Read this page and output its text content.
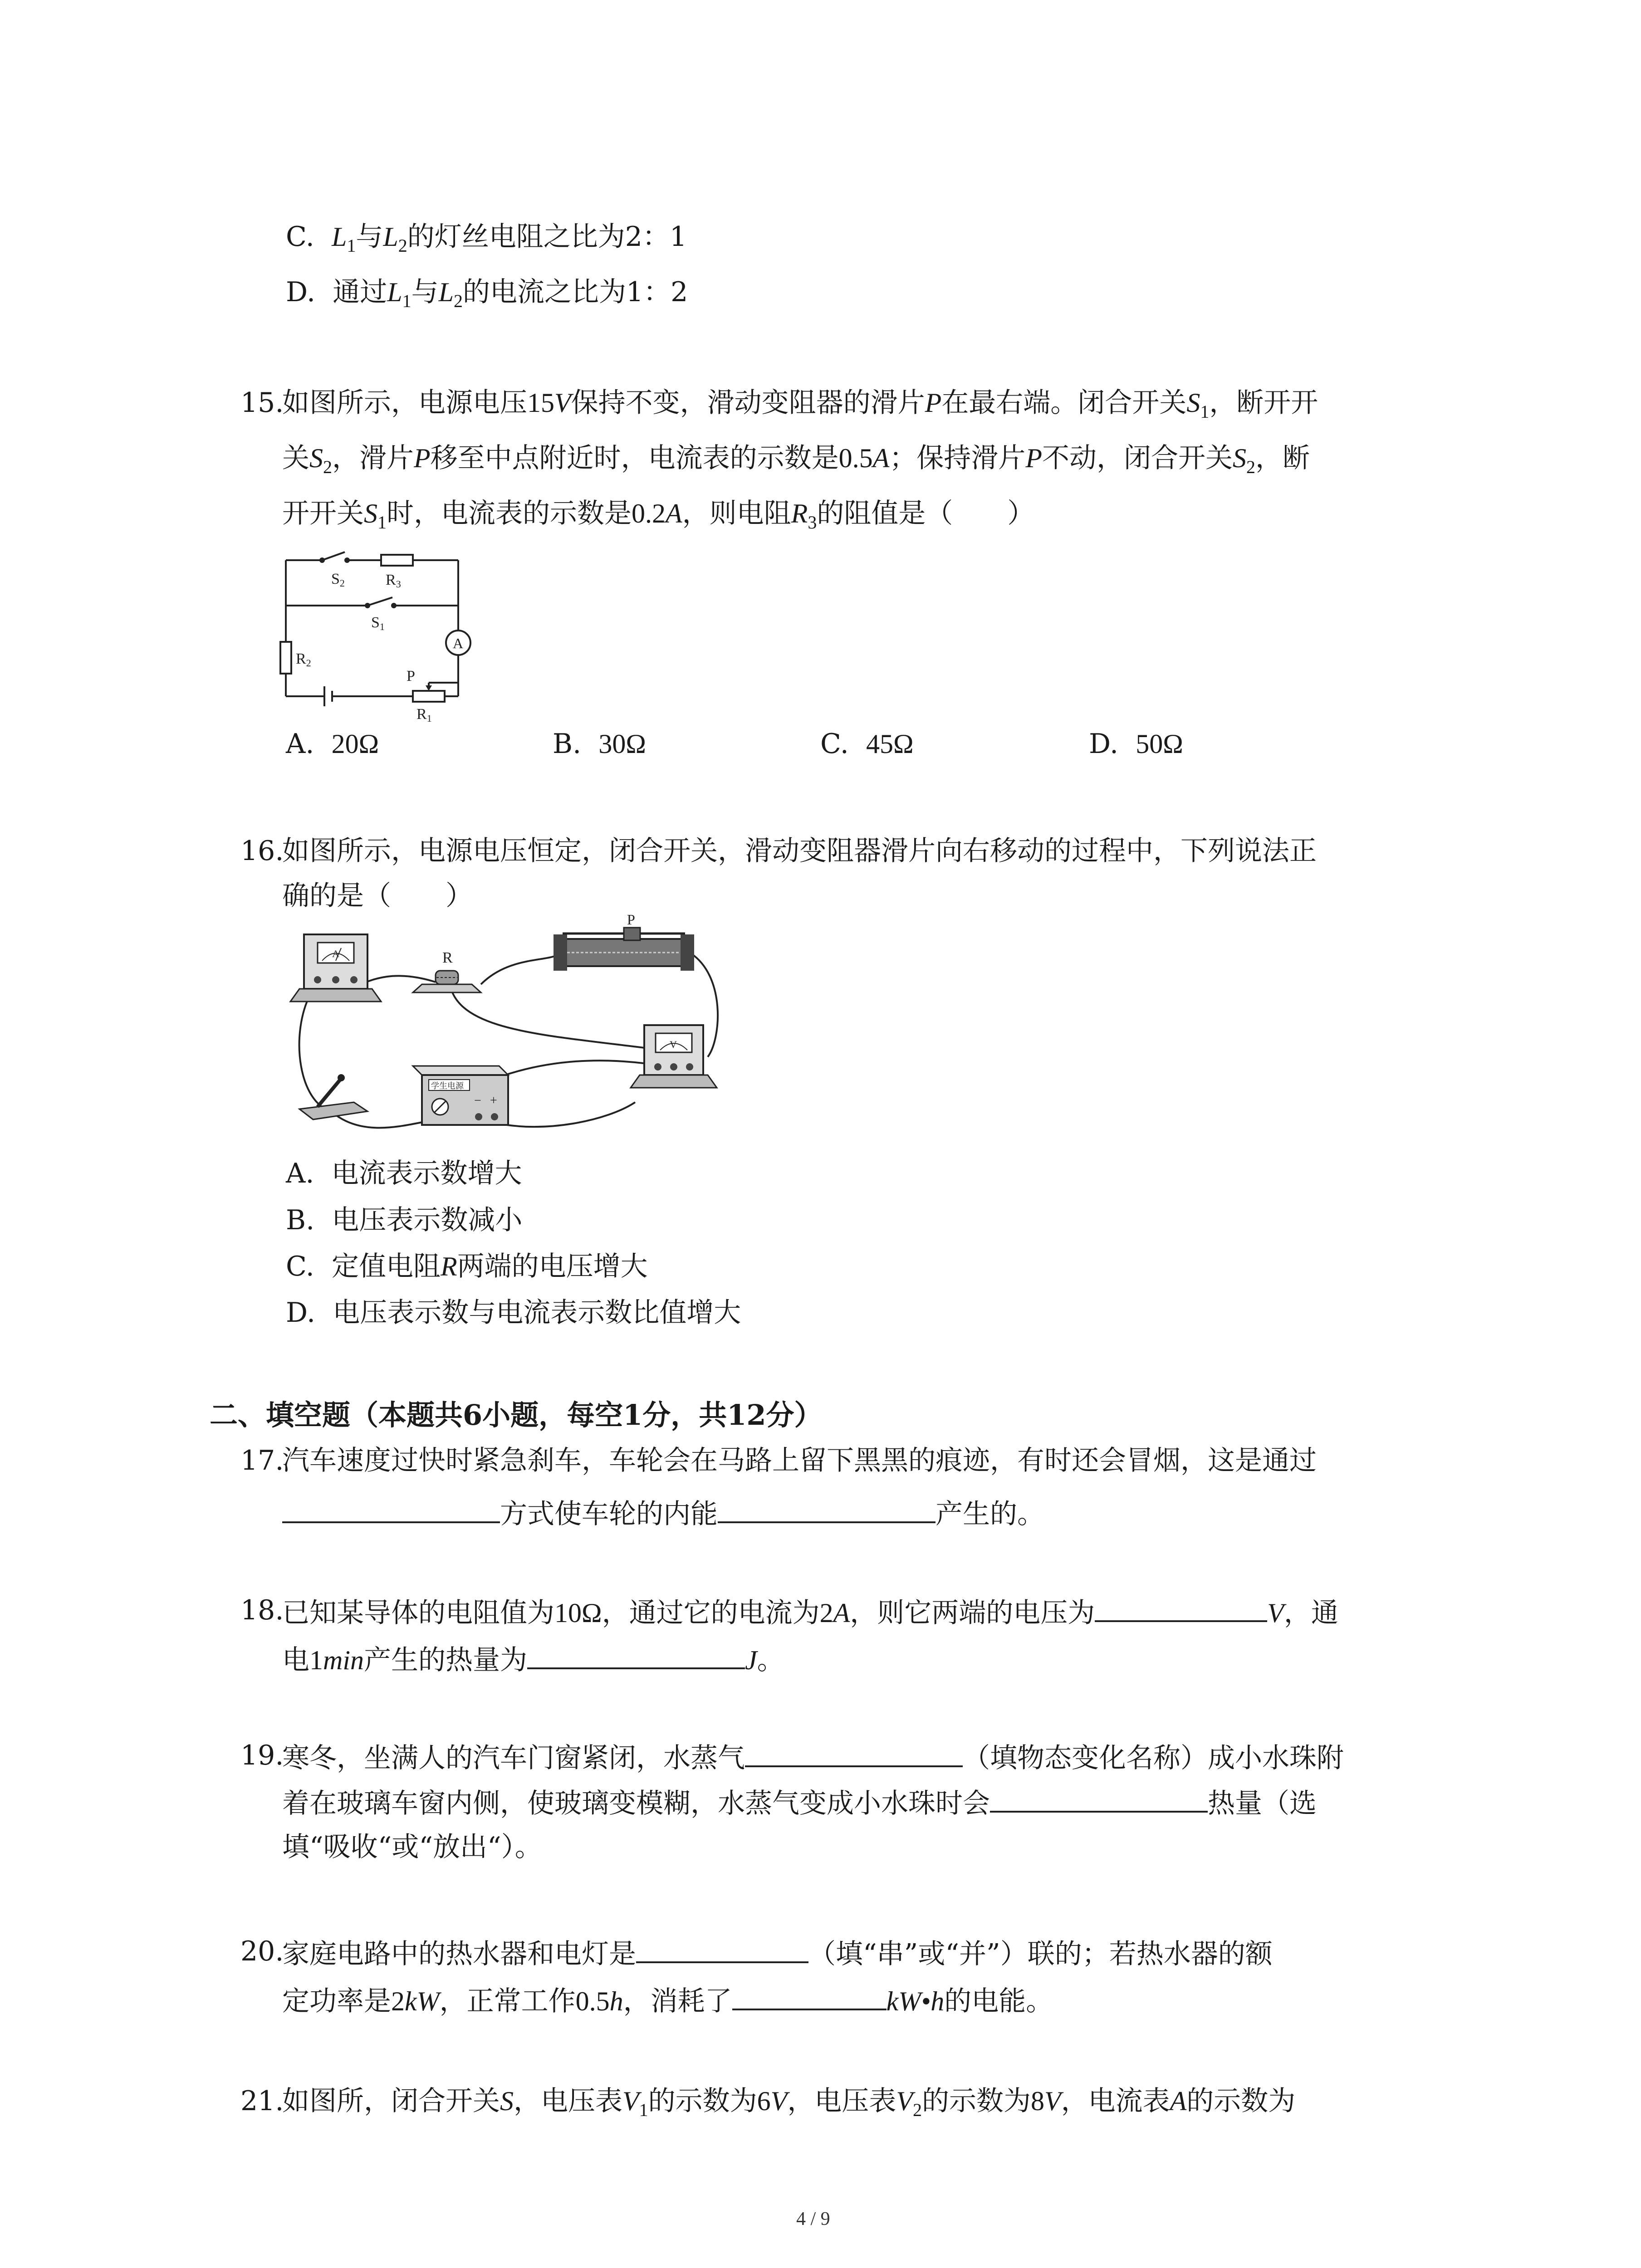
C. $L_1$与$L_2$的灯丝电阻之比为2：1
D. 通过$L_1$与$L_2$的电流之比为1：2
15.
如图所示，电源电压15V保持不变，滑动变阻器的滑片P在最右端。闭合开关$S_1$，断开开
关$S_2$，滑片P移至中点附近时，电流表的示数是0.5A；保持滑片P不动，闭合开关$S_2$，断
开开关$S_1$时，电流表的示数是0.2A，则电阻$R_3$的阻值是（　　）
S2	R3
S1
R2
A
P
R1
A. 20Ω	B. 30Ω	C. 45Ω	D. 50Ω
16.
如图所示，电源电压恒定，闭合开关，滑动变阻器滑片向右移动的过程中，下列说法正
确的是（　　）
A	R
P
V
学生电源
− +
A. 电流表示数增大
B. 电压表示数减小
C. 定值电阻R两端的电压增大
D. 电压表示数与电流表示数比值增大
二、填空题（本题共6小题，每空1分，共12分）
17.
汽车速度过快时紧急刹车，车轮会在马路上留下黑黑的痕迹，有时还会冒烟，这是通过
方式使车轮的内能	产生的。
18.
已知某导体的电阻值为10Ω，通过它的电流为2A，则它两端的电压为	V，通
电1min产生的热量为	J。
19.
寒冬，坐满人的汽车门窗紧闭，水蒸气	（填物态变化名称）成小水珠附
着在玻璃车窗内侧，使玻璃变模糊，水蒸气变成小水珠时会	热量（选
填“吸收“或“放出“）。
20.
家庭电路中的热水器和电灯是	（填“串”或“并”）联的；若热水器的额
定功率是2kW，正常工作0.5h，消耗了	kW•h的电能。
21.
如图所，闭合开关S，电压表$V_1$的示数为6V，电压表$V_2$的示数为8V，电流表A的示数为
4 / 9
